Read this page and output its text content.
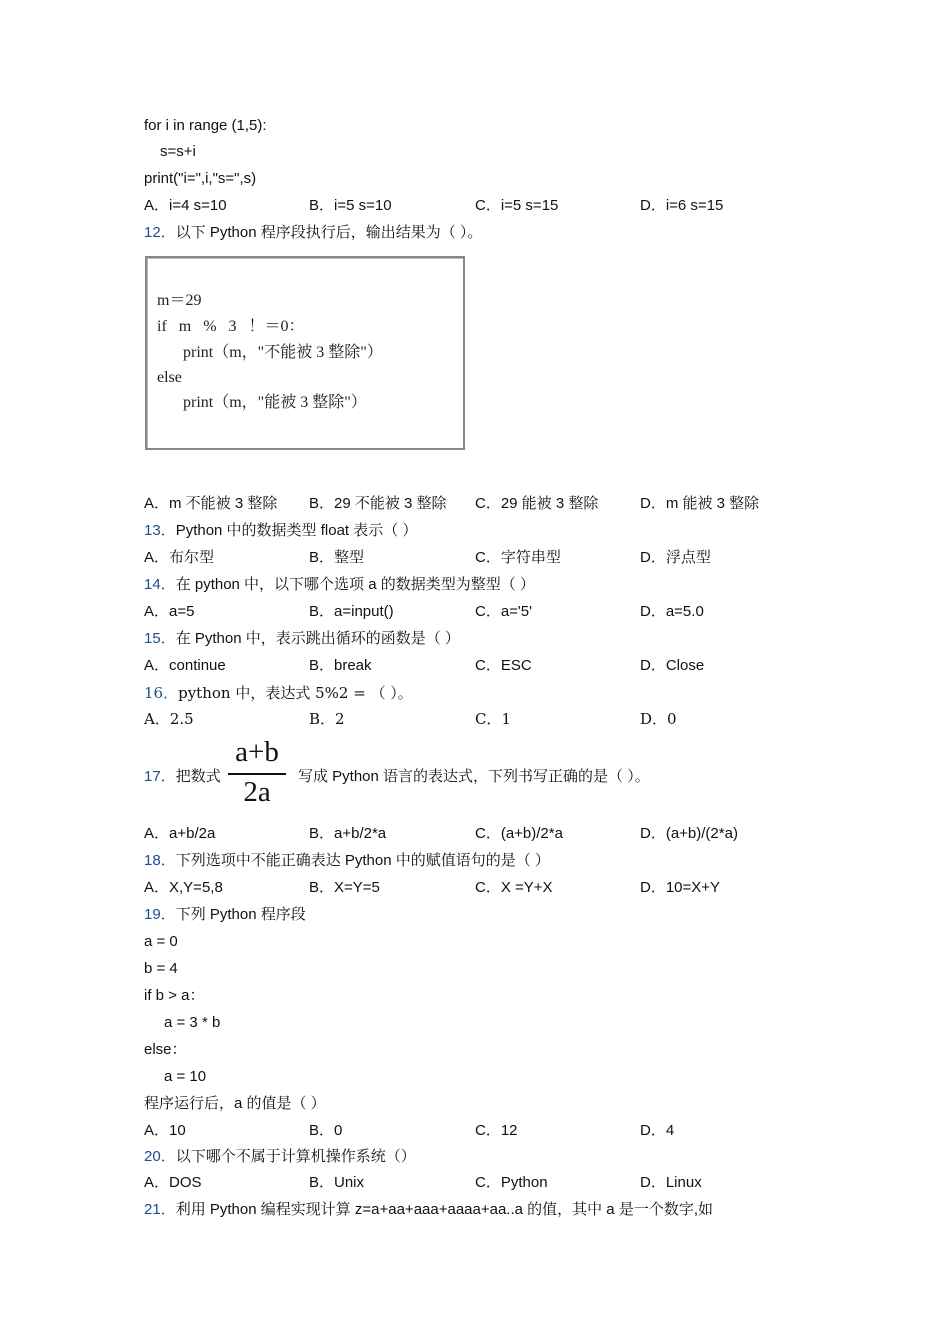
for i in range (1,5):
s=s+i
print("i=",i,"s=",s)
A．i=4 s=10	B．i=5 s=10	C．i=5 s=15	D．i=6 s=15
12．以下 Python 程序段执行后，输出结果为（ ）。
m＝29
if   m   %   3   ！＝0：
print（m，"不能被 3 整除"）
else
print（m，"能被 3 整除"）
A．m 不能被 3 整除 B．29 不能被 3 整除 C．29 能被 3 整除	D．m 能被 3 整除
13．Python 中的数据类型 float 表示（ ）
A．布尔型	B．整型	C．字符串型	D．浮点型
14．在 python 中，以下哪个选项 a 的数据类型为整型（ ）
A．a=5	B．a=input()	C．a='5'	D．a=5.0
15．在 Python 中，表示跳出循环的函数是（ ）
A．continue	B．break	C．ESC	D．Close
16．python 中，表达式 5%2 = （ ）。
A．2.5	B．2	C．1	D．0
17．把数式
a+b
2a	写成 Python 语言的表达式，下列书写正确的是（ ）。
A．a+b/2a	B．a+b/2*a	C．(a+b)/2*a	D．(a+b)/(2*a)
18．下列选项中不能正确表达 Python 中的赋值语句的是（ ）
A．X,Y=5,8	B．X=Y=5	C．X =Y+X	D．10=X+Y
19．下列 Python 程序段
a = 0
b = 4
if b > a：
a = 3 * b
else：
a = 10
程序运行后，a 的值是（ ）
A．10	B．0	C．12	D．4
20．以下哪个不属于计算机操作系统（）
A．DOS	B．Unix	C．Python	D．Linux
21．利用 Python 编程实现计算 z=a+aa+aaa+aaaa+aa..a 的值，其中 a 是一个数字,如
